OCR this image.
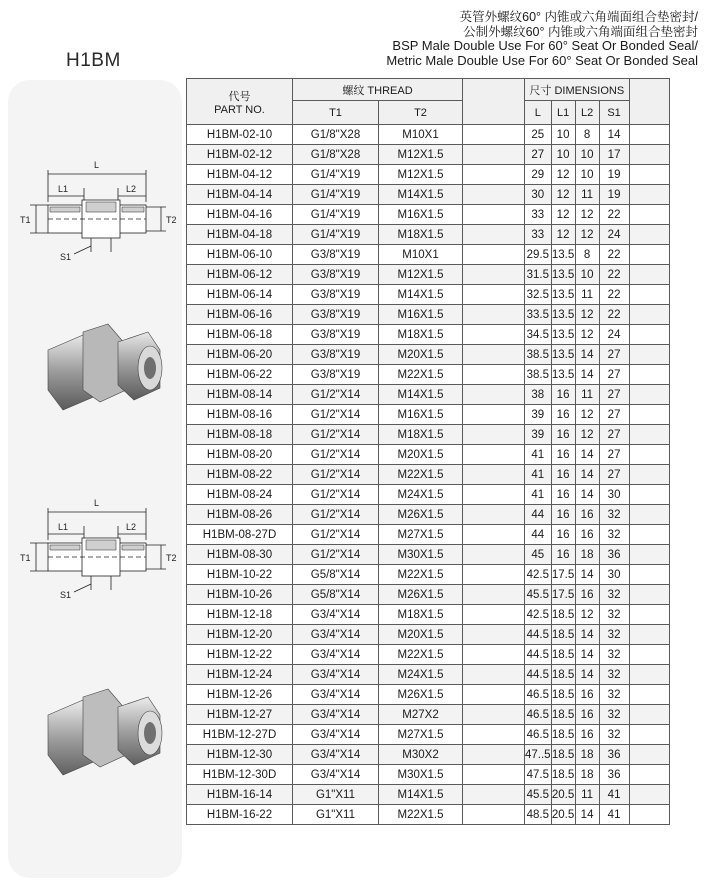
H1BM
英管外螺纹60° 内锥或六角端面组合垫密封/
公制外螺纹60° 内锥或六角端面组合垫密封
BSP Male Double Use For 60° Seat Or Bonded Seal/
Metric Male Double Use For 60° Seat Or Bonded Seal
L
L1	L2
T1	T2
S1
L
L1	L2
T1	T2
S1
代号
PART NO.	螺纹 THREAD			尺寸 DIMENSIONS				
	T1	T2		L	L1	L2	S1	
H1BM-02-10	G1/8"X28	M10X1		25	10	8	14	
H1BM-02-12	G1/8"X28	M12X1.5		27	10	10	17	
H1BM-04-12	G1/4"X19	M12X1.5		29	12	10	19	
H1BM-04-14	G1/4"X19	M14X1.5		30	12	11	19	
H1BM-04-16	G1/4"X19	M16X1.5		33	12	12	22	
H1BM-04-18	G1/4"X19	M18X1.5		33	12	12	24	
H1BM-06-10	G3/8"X19	M10X1		29.5	13.5	8	22	
H1BM-06-12	G3/8"X19	M12X1.5		31.5	13.5	10	22	
H1BM-06-14	G3/8"X19	M14X1.5		32.5	13.5	11	22	
H1BM-06-16	G3/8"X19	M16X1.5		33.5	13.5	12	22	
H1BM-06-18	G3/8"X19	M18X1.5		34.5	13.5	12	24	
H1BM-06-20	G3/8"X19	M20X1.5		38.5	13.5	14	27	
H1BM-06-22	G3/8"X19	M22X1.5		38.5	13.5	14	27	
H1BM-08-14	G1/2"X14	M14X1.5		38	16	11	27	
H1BM-08-16	G1/2"X14	M16X1.5		39	16	12	27	
H1BM-08-18	G1/2"X14	M18X1.5		39	16	12	27	
H1BM-08-20	G1/2"X14	M20X1.5		41	16	14	27	
H1BM-08-22	G1/2"X14	M22X1.5		41	16	14	27	
H1BM-08-24	G1/2"X14	M24X1.5		41	16	14	30	
H1BM-08-26	G1/2"X14	M26X1.5		44	16	16	32	
H1BM-08-27D	G1/2"X14	M27X1.5		44	16	16	32	
H1BM-08-30	G1/2"X14	M30X1.5		45	16	18	36	
H1BM-10-22	G5/8"X14	M22X1.5		42.5	17.5	14	30	
H1BM-10-26	G5/8"X14	M26X1.5		45.5	17.5	16	32	
H1BM-12-18	G3/4"X14	M18X1.5		42.5	18.5	12	32	
H1BM-12-20	G3/4"X14	M20X1.5		44.5	18.5	14	32	
H1BM-12-22	G3/4"X14	M22X1.5		44.5	18.5	14	32	
H1BM-12-24	G3/4"X14	M24X1.5		44.5	18.5	14	32	
H1BM-12-26	G3/4"X14	M26X1.5		46.5	18.5	16	32	
H1BM-12-27	G3/4"X14	M27X2		46.5	18.5	16	32	
H1BM-12-27D	G3/4"X14	M27X1.5		46.5	18.5	16	32	
H1BM-12-30	G3/4"X14	M30X2		47..5	18.5	18	36	
H1BM-12-30D	G3/4"X14	M30X1.5		47.5	18.5	18	36	
H1BM-16-14	G1"X11	M14X1.5		45.5	20.5	11	41	
H1BM-16-22	G1"X11	M22X1.5		48.5	20.5	14	41	
